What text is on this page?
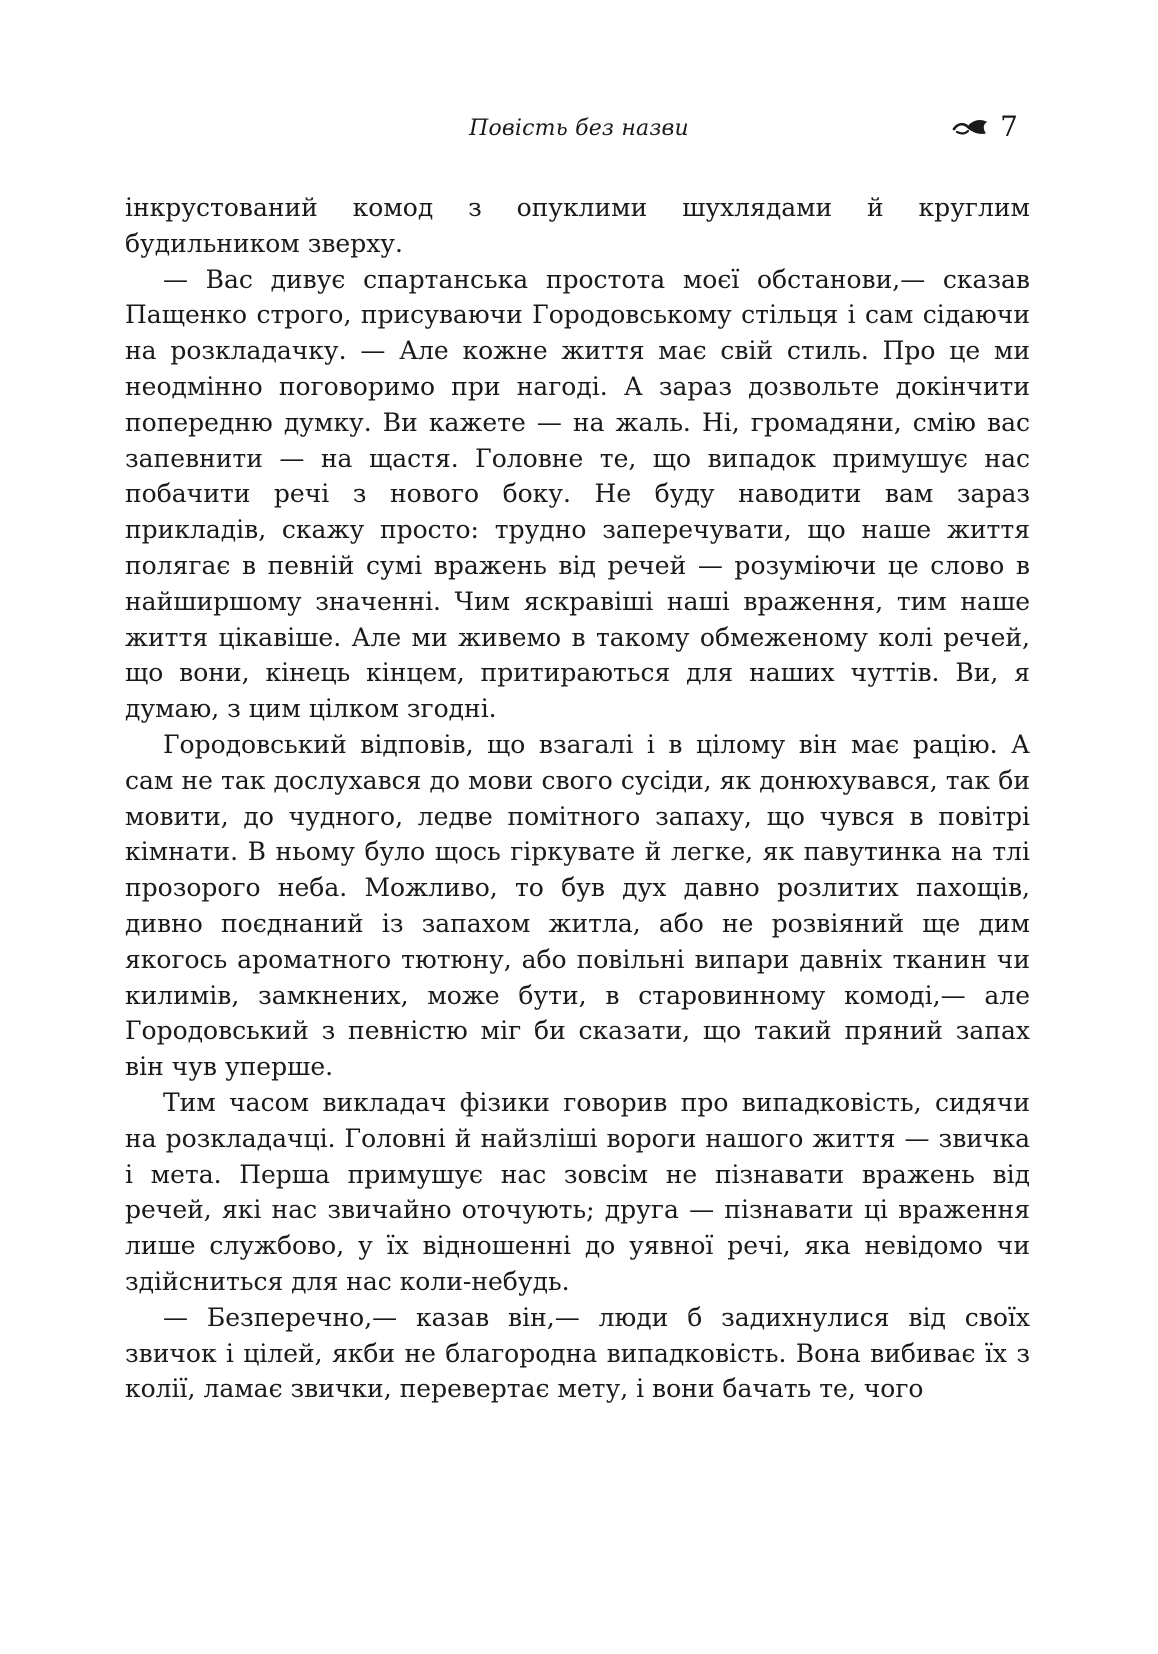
Повість без назви	7

інкрустований комод з опуклими шухлядами й круглим будильником зверху.

— Вас дивує спартанська простота моєї обстанови,— сказав Пащенко строго, присуваючи Городовському стільця і сам сідаючи на розкладачку. — Але кожне життя має свій стиль. Про це ми неодмінно поговоримо при нагоді. А зараз дозвольте докінчити попередню думку. Ви кажете — на жаль. Ні, громадяни, смію вас запевнити — на щастя. Головне те, що випадок примушує нас побачити речі з нового боку. Не буду наводити вам зараз прикладів, скажу просто: трудно заперечувати, що наше життя полягає в певній сумі вражень від речей — розуміючи це слово в найширшому значенні. Чим яскравіші наші враження, тим наше життя цікавіше. Але ми живемо в такому обмеженому колі речей, що вони, кінець кінцем, притираються для наших чуттів. Ви, я думаю, з цим цілком згодні.

Городовський відповів, що взагалі і в цілому він має рацію. А сам не так дослухався до мови свого сусіди, як донюхувався, так би мовити, до чудного, ледве помітного запаху, що чувся в повітрі кімнати. В ньому було щось гіркувате й легке, як павутинка на тлі прозорого неба. Можливо, то був дух давно розлитих пахощів, дивно поєднаний із запахом житла, або не розвіяний ще дим якогось ароматного тютюну, або повільні випари давніх тканин чи килимів, замкнених, може бути, в старовинному комоді,— але Городовський з певністю міг би сказати, що такий пряний запах він чув уперше.

Тим часом викладач фізики говорив про випадковість, сидячи на розкладачці. Головні й найзліші вороги нашого життя — звичка і мета. Перша примушує нас зовсім не пізнавати вражень від речей, які нас звичайно оточують; друга — пізнавати ці враження лише службово, у їх відношенні до уявної речі, яка невідомо чи здійсниться для нас коли-небудь.

— Безперечно,— казав він,— люди б задихнулися від своїх звичок і цілей, якби не благородна випадковість. Вона вибиває їх з колії, ламає звички, перевертає мету, і вони бачать те, чого
